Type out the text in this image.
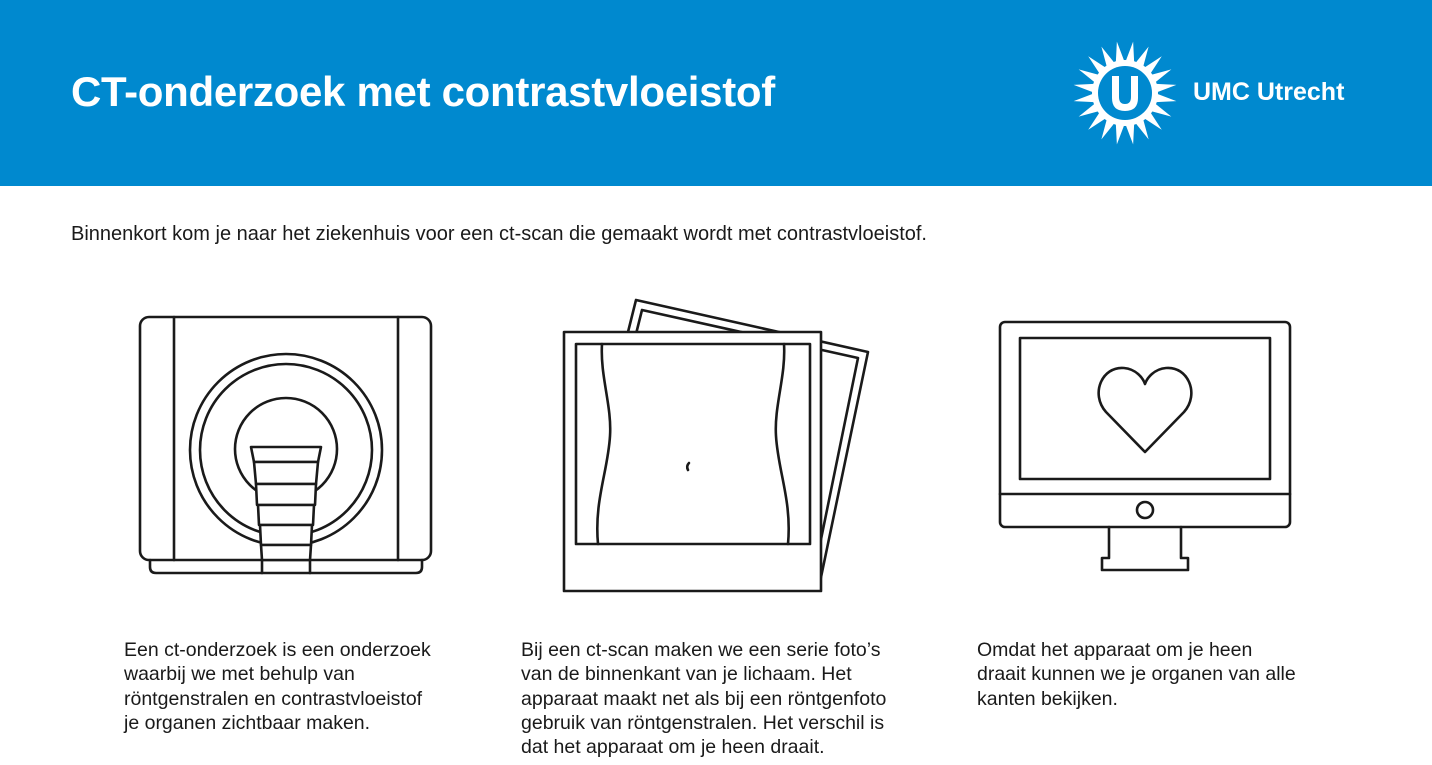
CT-onderzoek met contrastvloeistof	UMC Utrecht

Binnenkort kom je naar het ziekenhuis voor een ct-scan die gemaakt wordt met contrastvloeistof.

Een ct-onderzoek is een onderzoek
waarbij we met behulp van
röntgenstralen en contrastvloeistof
je organen zichtbaar maken.

Bij een ct-scan maken we een serie foto’s
van de binnenkant van je lichaam. Het
apparaat maakt net als bij een röntgenfoto
gebruik van röntgenstralen. Het verschil is
dat het apparaat om je heen draait.

Omdat het apparaat om je heen
draait kunnen we je organen van alle
kanten bekijken.
